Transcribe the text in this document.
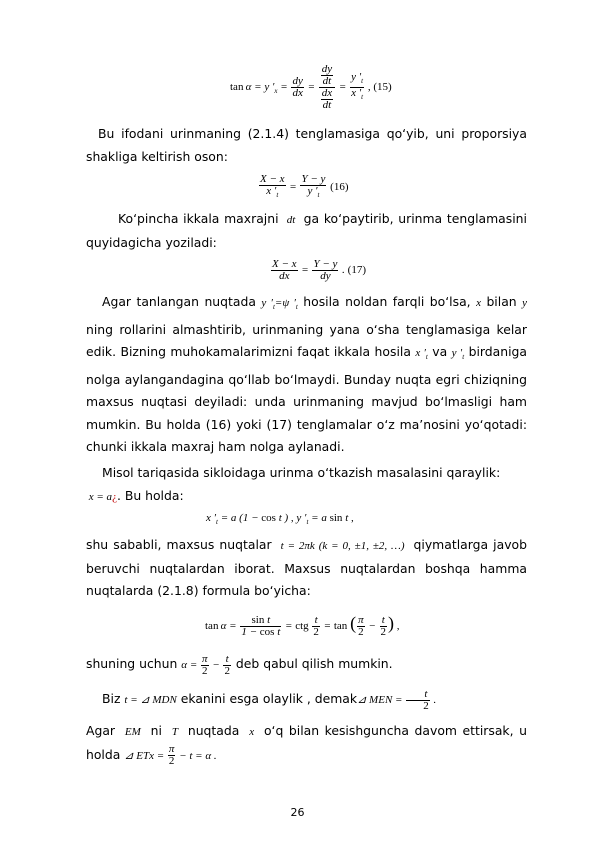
tan α = y $'_x = \frac{dy}{dx} = \frac{\frac{dy}{dt}}{\frac{dx}{dt}} = \frac{y '_t}{x '_t}$ , (15)
Bu ifodani urinmaning (2.1.4) tenglamasiga qo‘yib, uni proporsiya shakliga keltirish oson:
$\frac{X - x}{x '_t} = \frac{Y - y}{y '_t} (16)$
Ko‘pincha ikkala maxrajni  dt  ga ko‘paytirib, urinma tenglamasini quyidagicha yoziladi:
$\frac{X - x}{dx} = \frac{Y - y}{dy}$ . (17)
Agar tanlangan nuqtada y $'_t=\psi$ $'_t$ hosila noldan farqli bo‘lsa, x bilan y ning rollarini almashtirib, urinmaning yana o‘sha tenglamasiga kelar edik. Bizning muhokamalarimizni faqat ikkala hosila x $'_t$ va y $'_t$ birdaniga nolga aylangandagina qo‘llab bo‘lmaydi. Bunday nuqta egri chiziqning maxsus nuqtasi deyiladi: unda urinmaning mavjud bo‘lmasligi ham mumkin. Bu holda (16) yoki (17) tenglamalar o‘z ma’nosini yo‘qotadi: chunki ikkala maxraj ham nolga aylanadi.
Misol tariqasida sikloidaga urinma o‘tkazish masalasini qaraylik:
x = a¿. Bu holda:
x $'_t = a$ (1 − cos t ) , y $'_t = a$ sin t ,
shu sababli, maxsus nuqtalar  t = 2πk (k = 0, ±1, ±2, …)  qiymatlarga javob beruvchi nuqtalardan iborat. Maxsus nuqtalardan boshqa hamma nuqtalarda (2.1.8) formula bo‘yicha:
$\tan \alpha = \frac{\text{sin t}}{\text{1 − cos t}}$ = ctg $\frac{t}{2} = \tan$ ( $\frac{\pi}{2} - \frac{t}{2}$ ) ,
shuning uchun $\alpha = \frac{\pi}{2} - \frac{t}{2}$ deb qabul qilish mumkin.
Biz t = ⊿ MDN ekanini esga olaylik , demak⊿ MEN = $\frac{t}{2}$ .
Agar  EM  ni  T  nuqtada  x  o‘q bilan kesishguncha davom ettirsak, u holda ⊿ ETx = $\frac{\pi}{2} - t = \alpha$ .
26
